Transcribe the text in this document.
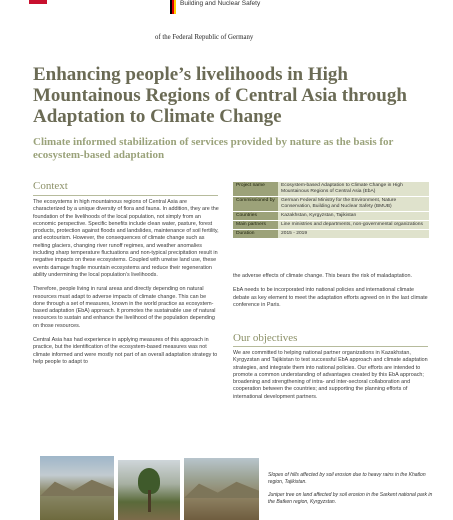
Building and Nuclear Safety
of the Federal Republic of Germany
Enhancing people’s livelihoods in High Mountainous Regions of Central Asia through Adaptation to Climate Change
Climate informed stabilization of services provided by nature as the basis for ecosystem-based adaptation
Context

The ecosystems in high mountainous regions of Central Asia are characterized by a unique diversity of flora and fauna. In addition, they are the foundation of the livelihoods of the local population, not simply from an economic perspective. Specific benefits include clean water, pasture, forest products, protection against floods and landslides, maintenance of soil fertility, and ecotourism. However, the consequences of climate change such as melting glaciers, changing river runoff regimes, and weather anomalies including sharp temperature fluctuations and non-typical precipitation result in negative impacts on these ecosystems. Coupled with unwise land use, these events damage fragile mountain ecosystems and reduce their regeneration ability undermining the local population’s livelihoods.

Therefore, people living in rural areas and directly depending on natural resources must adapt to adverse impacts of climate change. This can be done through a set of measures, known in the world practice as ecosystem-based adaptation (EbA) approach. It promotes the sustainable use of natural resources to sustain and enhance the livelihood of the population depending on those resources.

Central Asia has had experience in applying measures of this approach in practice, but the identification of the ecosystem-based measures was not climate informed and were mostly not part of an overall adaptation strategy to help people to adapt to

Project name	Ecosystem-based Adaptation to Climate Change in High Mountainous Regions of Central Asia (EbA)
Commissioned by	German Federal Ministry for the Environment, Nature Conservation, Building and Nuclear Safety (BMUB)
Countries	Kazakhstan, Kyrgyzstan, Tajikistan
Main partners	Line ministries and departments, non-governmental organizations
Duration	2015 - 2019

the adverse effects of climate change. This bears the risk of maladaptation.

EbA needs to be incorporated into national policies and international climate debate as key element to meet the adaptation efforts agreed on in the last climate conference in Paris.

Our objectives

We are committed to helping national partner organizations in Kazakhstan, Kyrgyzstan and Tajikistan to test successful EbA approach and climate adaptation strategies, and integrate them into national policies. Our efforts are intended to promote a common understanding of advantages created by this EbA approach; broadening and strengthening of intra- and inter-sectoral collaboration and cooperation between the countries; and supporting the planning efforts of international development partners.

Slopes of hills affected by soil erosion due to heavy rains in the Khatlon region, Tajikistan.

Juniper tree on land affected by soil erosion in the Sarkent national park in the Batken region, Kyrgyzstan.
